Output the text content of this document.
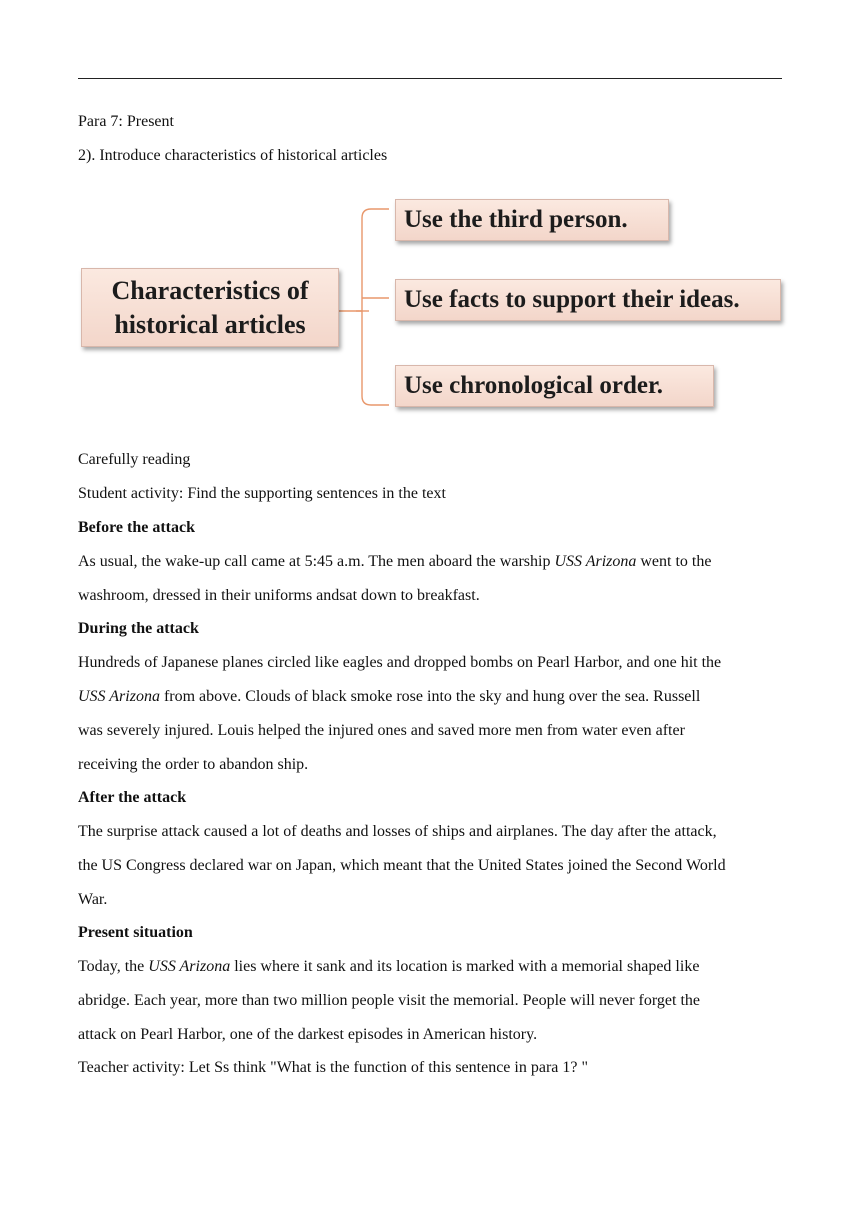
Para 7: Present
2). Introduce characteristics of historical articles
Characteristics of
historical articles
Use the third person.
Use facts to support their ideas.
Use chronological order.
Carefully reading
Student activity: Find the supporting sentences in the text
Before the attack
As usual, the wake-up call came at 5:45 a.m. The men aboard the warship USS Arizona went to the
washroom, dressed in their uniforms andsat down to breakfast.
During the attack
Hundreds of Japanese planes circled like eagles and dropped bombs on Pearl Harbor, and one hit the
USS Arizona from above. Clouds of black smoke rose into the sky and hung over the sea. Russell
was severely injured. Louis helped the injured ones and saved more men from water even after
receiving the order to abandon ship.
After the attack
The surprise attack caused a lot of deaths and losses of ships and airplanes. The day after the attack,
the US Congress declared war on Japan, which meant that the United States joined the Second World
War.
Present situation
Today, the USS Arizona lies where it sank and its location is marked with a memorial shaped like
abridge. Each year, more than two million people visit the memorial. People will never forget the
attack on Pearl Harbor, one of the darkest episodes in American history.
Teacher activity: Let Ss think "What is the function of this sentence in para 1? "
